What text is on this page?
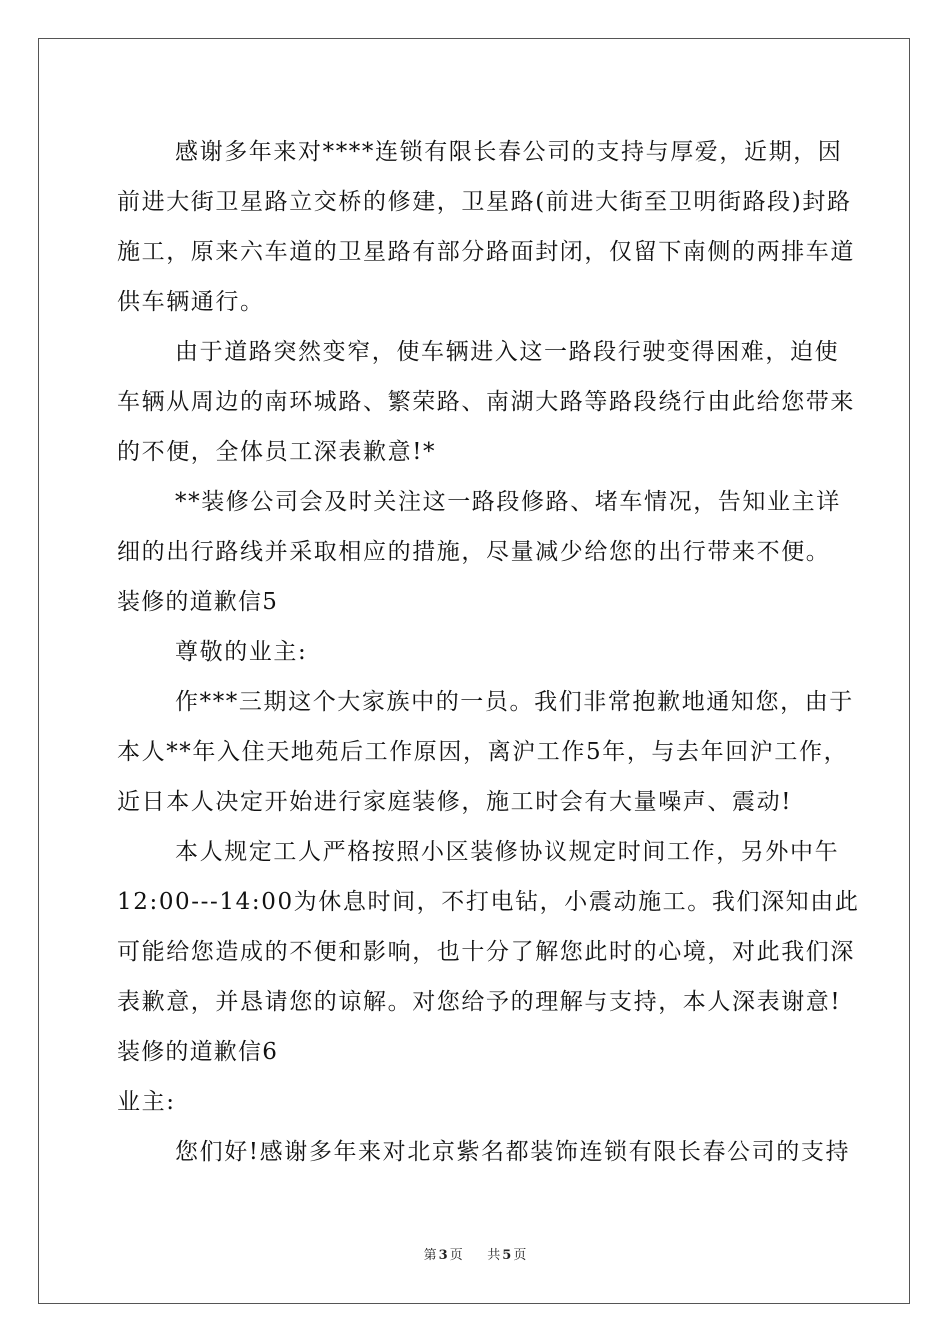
感谢多年来对****连锁有限长春公司的支持与厚爱，近期，因
前进大街卫星路立交桥的修建，卫星路(前进大街至卫明街路段)封路
施工，原来六车道的卫星路有部分路面封闭，仅留下南侧的两排车道
供车辆通行。
由于道路突然变窄，使车辆进入这一路段行驶变得困难，迫使
车辆从周边的南环城路、繁荣路、南湖大路等路段绕行由此给您带来
的不便，全体员工深表歉意!*
**装修公司会及时关注这一路段修路、堵车情况，告知业主详
细的出行路线并采取相应的措施，尽量减少给您的出行带来不便。
装修的道歉信5
尊敬的业主:
作***三期这个大家族中的一员。我们非常抱歉地通知您，由于
本人**年入住天地苑后工作原因，离沪工作5年，与去年回沪工作，
近日本人决定开始进行家庭装修，施工时会有大量噪声、震动!
本人规定工人严格按照小区装修协议规定时间工作，另外中午
12:00---14:00为休息时间，不打电钻，小震动施工。我们深知由此
可能给您造成的不便和影响，也十分了解您此时的心境，对此我们深
表歉意，并恳请您的谅解。对您给予的理解与支持，本人深表谢意!
装修的道歉信6
业主:
您们好!感谢多年来对北京紫名都装饰连锁有限长春公司的支持
第 3 页 共 5 页
